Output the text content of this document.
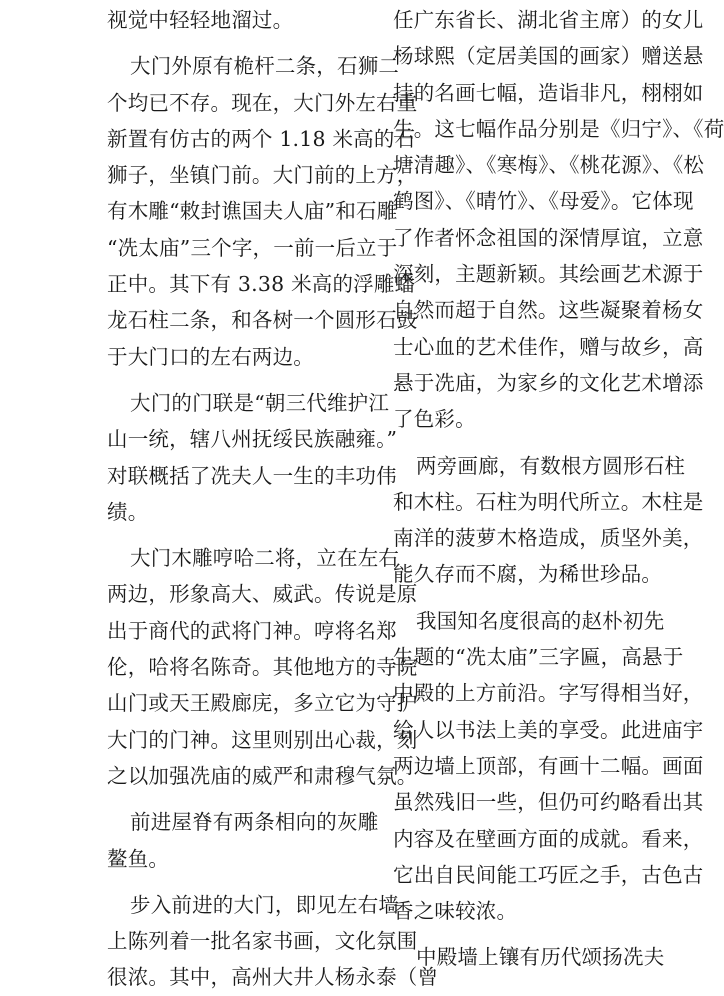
视觉中轻轻地溜过。
大门外原有桅杆二条，石狮二
个均已不存。现在，大门外左右重
新置有仿古的两个 1.18 米高的石
狮子，坐镇门前。大门前的上方，
有木雕“敕封谯国夫人庙”和石雕
“冼太庙”三个字，一前一后立于
正中。其下有 3.38 米高的浮雕蟠
龙石柱二条，和各树一个圆形石鼓
于大门口的左右两边。
大门的门联是“朝三代维护江
山一统，辖八州抚绥民族融雍。”
对联概括了冼夫人一生的丰功伟
绩。
大门木雕哼哈二将，立在左右
两边，形象高大、威武。传说是原
出于商代的武将门神。哼将名郑
伦，哈将名陈奇。其他地方的寺院
山门或天王殿廊庑，多立它为守护
大门的门神。这里则别出心裁，刻
之以加强冼庙的威严和肃穆气氛。
前进屋脊有两条相向的灰雕
鳌鱼。
步入前进的大门，即见左右墙
上陈列着一批名家书画，文化氛围
很浓。其中，高州大井人杨永泰（曾
任广东省长、湖北省主席）的女儿
杨球熙（定居美国的画家）赠送悬
挂的名画七幅，造诣非凡，栩栩如
生。这七幅作品分别是《归宁》、《荷
塘清趣》、《寒梅》、《桃花源》、《松
鹤图》、《晴竹》、《母爱》。它体现
了作者怀念祖国的深情厚谊，立意
深刻，主题新颖。其绘画艺术源于
自然而超于自然。这些凝聚着杨女
士心血的艺术佳作，赠与故乡，高
悬于冼庙，为家乡的文化艺术增添
了色彩。
两旁画廊，有数根方圆形石柱
和木柱。石柱为明代所立。木柱是
南洋的菠萝木格造成，质坚外美，
能久存而不腐，为稀世珍品。
我国知名度很高的赵朴初先
生题的“冼太庙”三字匾，高悬于
中殿的上方前沿。字写得相当好，
给人以书法上美的享受。此进庙宇
两边墙上顶部，有画十二幅。画面
虽然残旧一些，但仍可约略看出其
内容及在壁画方面的成就。看来，
它出自民间能工巧匠之手，古色古
香之味较浓。
中殿墙上镶有历代颂扬冼夫
